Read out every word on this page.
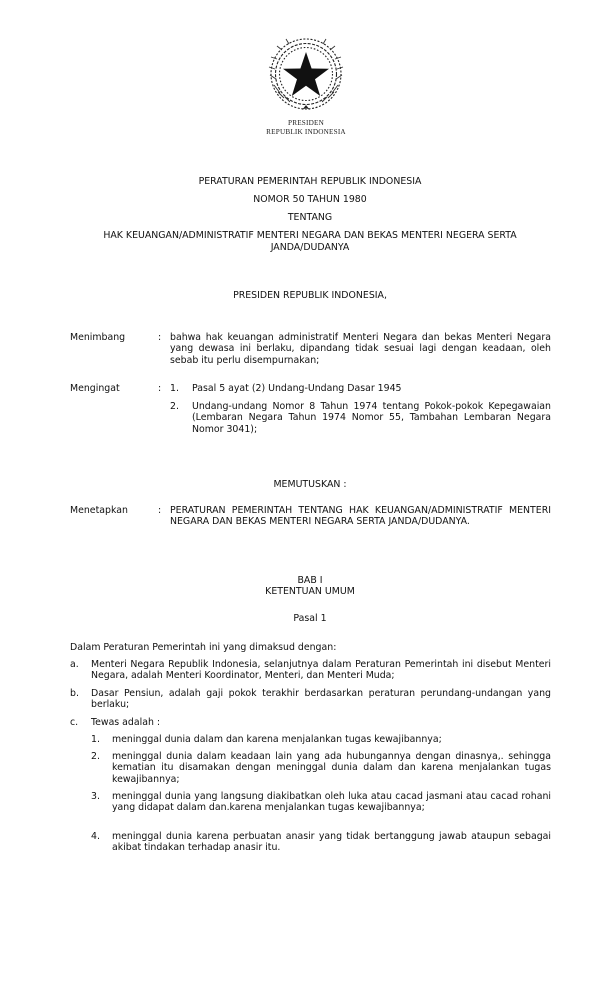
PRESIDEN
REPUBLIK INDONESIA
PERATURAN PEMERINTAH REPUBLIK INDONESIA
NOMOR 50 TAHUN 1980
TENTANG
HAK KEUANGAN/ADMINISTRATIF MENTERI NEGARA DAN BEKAS MENTERI NEGERA SERTA
JANDA/DUDANYA
PRESIDEN REPUBLIK INDONESIA,
Menimbang	: bahwa hak keuangan administratif Menteri Negara dan bekas Menteri Negara yang dewasa ini berlaku, dipandang tidak sesuai lagi dengan keadaan, oleh sebab itu perlu disempurnakan;
Mengingat	: 1. Pasal 5 ayat (2) Undang-Undang Dasar 1945
2. Undang-undang Nomor 8 Tahun 1974 tentang Pokok-pokok Kepegawaian (Lembaran Negara Tahun 1974 Nomor 55, Tambahan Lembaran Negara Nomor 3041);
MEMUTUSKAN :
Menetapkan	: PERATURAN PEMERINTAH TENTANG HAK KEUANGAN/ADMINISTRATIF MENTERI NEGARA DAN BEKAS MENTERI NEGARA SERTA JANDA/DUDANYA.
BAB I
KETENTUAN UMUM
Pasal 1
Dalam Peraturan Pemerintah ini yang dimaksud dengan:
a. Menteri Negara Republik Indonesia, selanjutnya dalam Peraturan Pemerintah ini disebut Menteri Negara, adalah Menteri Koordinator, Menteri, dan Menteri Muda;
b. Dasar Pensiun, adalah gaji pokok terakhir berdasarkan peraturan perundang-undangan yang berlaku;
c. Tewas adalah :
1. meninggal dunia dalam dan karena menjalankan tugas kewajibannya;
2. meninggal dunia dalam keadaan lain yang ada hubungannya dengan dinasnya,. sehingga kematian itu disamakan dengan meninggal dunia dalam dan karena menjalankan tugas kewajibannya;
3. meninggal dunia yang langsung diakibatkan oleh luka atau cacad jasmani atau cacad rohani yang didapat dalam dan.karena menjalankan tugas kewajibannya;
4. meninggal dunia karena perbuatan anasir yang tidak bertanggung jawab ataupun sebagai akibat tindakan terhadap anasir itu.
